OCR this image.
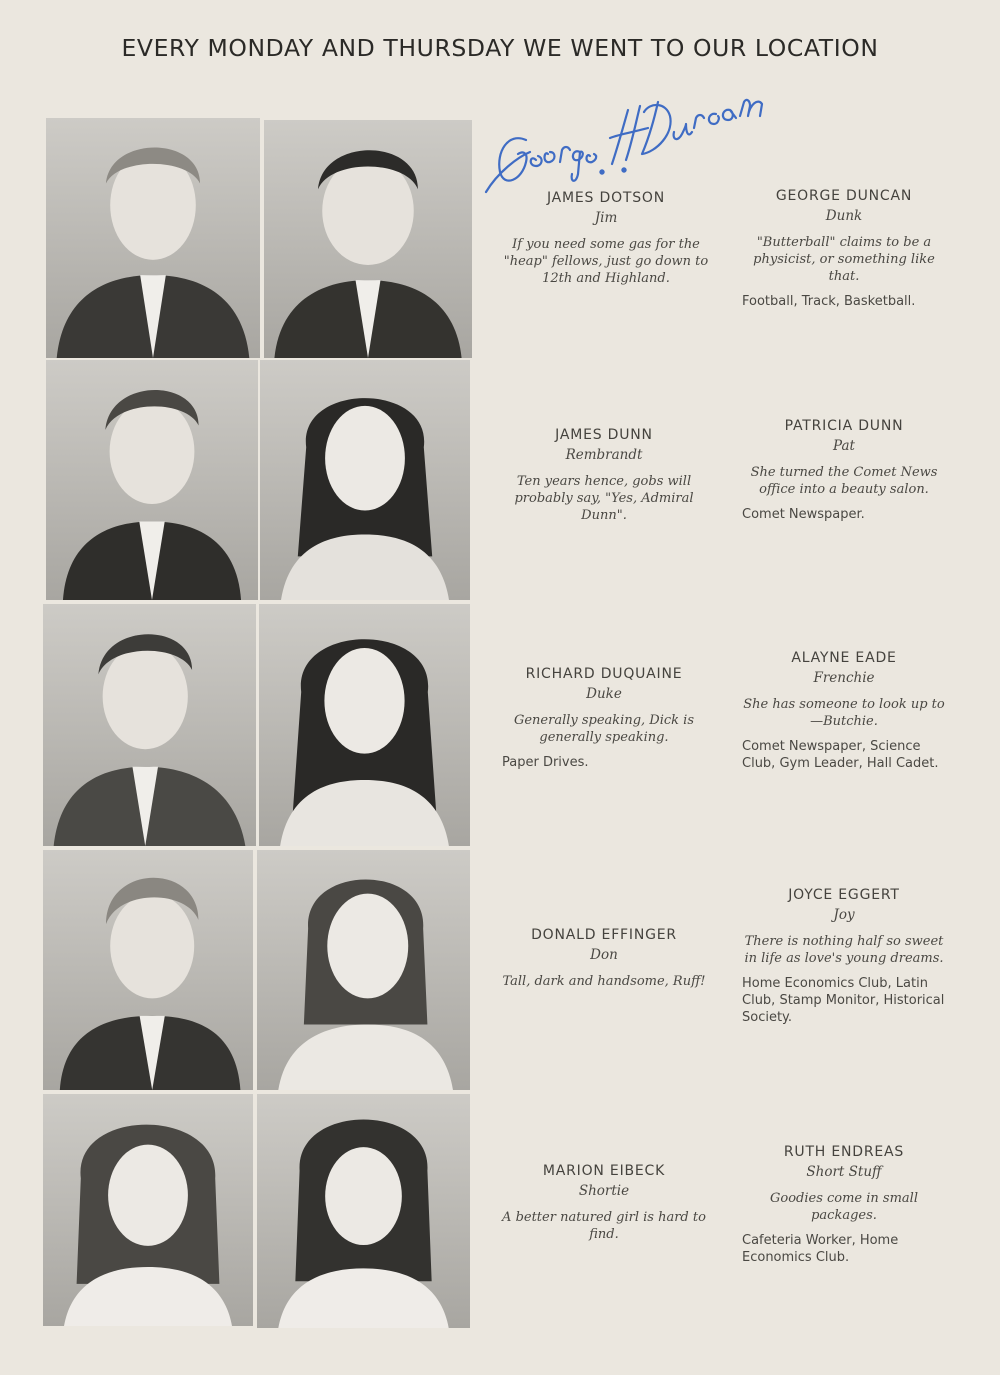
EVERY MONDAY AND THURSDAY WE WENT TO OUR LOCATION

JAMES DOTSON

Jim

If you need some gas for the "heap" fellows, just go down to 12th and Highland.

GEORGE DUNCAN

Dunk

"Butterball" claims to be a physicist, or something like that.

Football, Track, Basketball.

JAMES DUNN

Rembrandt

Ten years hence, gobs will probably say, "Yes, Admiral Dunn".

PATRICIA DUNN

Pat

She turned the Comet News office into a beauty salon.

Comet Newspaper.

RICHARD DUQUAINE

Duke

Generally speaking, Dick is generally speaking.

Paper Drives.

ALAYNE EADE

Frenchie

She has someone to look up to—Butchie.

Comet Newspaper, Science Club, Gym Leader, Hall Cadet.

DONALD EFFINGER

Don

Tall, dark and handsome, Ruff!

JOYCE EGGERT

Joy

There is nothing half so sweet in life as love's young dreams.

Home Economics Club, Latin Club, Stamp Monitor, Historical Society.

MARION EIBECK

Shortie

A better natured girl is hard to find.

RUTH ENDREAS

Short Stuff

Goodies come in small packages.

Cafeteria Worker, Home Economics Club.
